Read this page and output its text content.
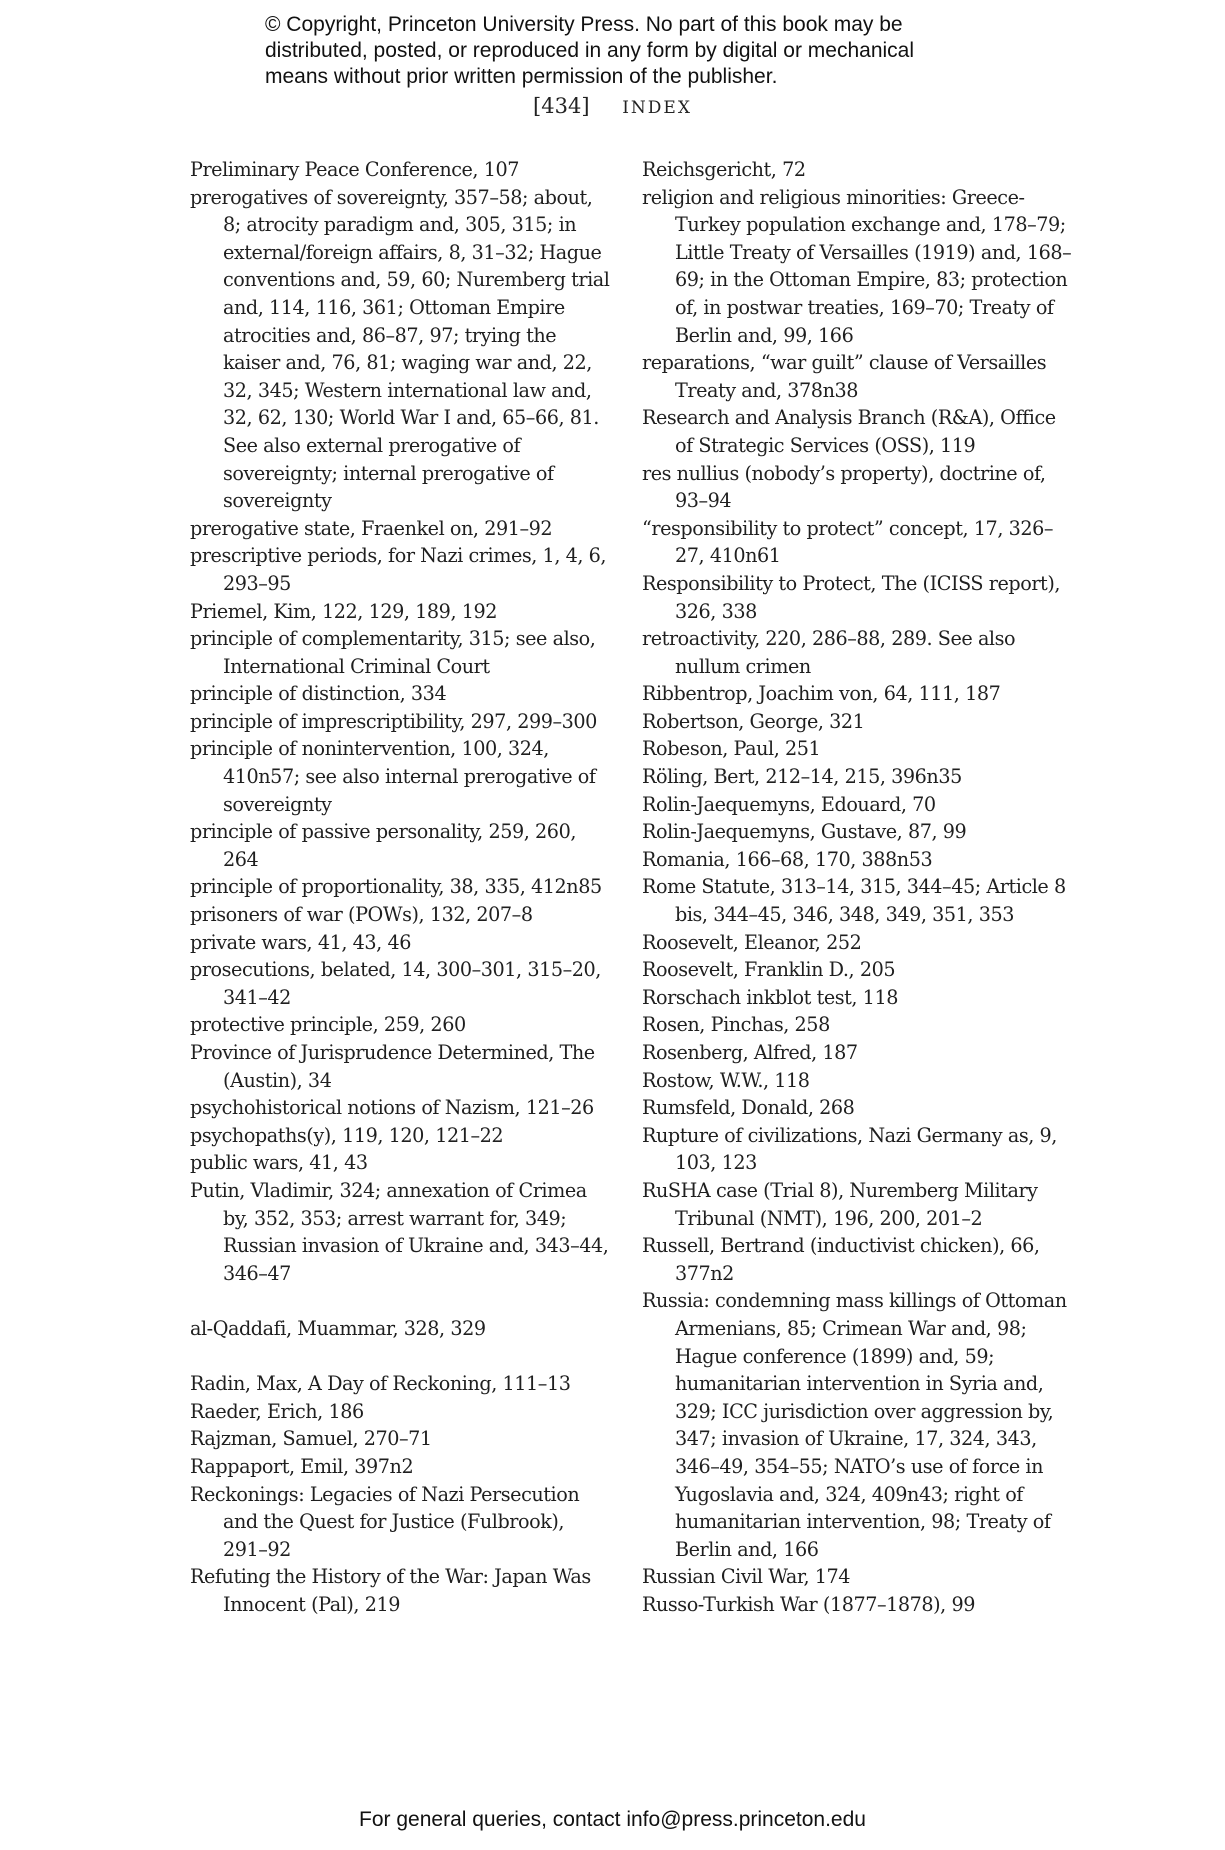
© Copyright, Princeton University Press. No part of this book may be
distributed, posted, or reproduced in any form by digital or mechanical
means without prior written permission of the publisher.
[434] INDEX
Preliminary Peace Conference, 107
prerogatives of sovereignty, 357–58; about, 8; atrocity paradigm and, 305, 315; in external/foreign affairs, 8, 31–32; Hague conventions and, 59, 60; Nuremberg trial and, 114, 116, 361; Ottoman Empire atrocities and, 86–87, 97; trying the kaiser and, 76, 81; waging war and, 22, 32, 345; Western international law and, 32, 62, 130; World War I and, 65–66, 81. See also external prerogative of sovereignty; internal prerogative of sovereignty
prerogative state, Fraenkel on, 291–92
prescriptive periods, for Nazi crimes, 1, 4, 6, 293–95
Priemel, Kim, 122, 129, 189, 192
principle of complementarity, 315; see also, International Criminal Court
principle of distinction, 334
principle of imprescriptibility, 297, 299–300
principle of nonintervention, 100, 324, 410n57; see also internal prerogative of sovereignty
principle of passive personality, 259, 260, 264
principle of proportionality, 38, 335, 412n85
prisoners of war (POWs), 132, 207–8
private wars, 41, 43, 46
prosecutions, belated, 14, 300–301, 315–20, 341–42
protective principle, 259, 260
Province of Jurisprudence Determined, The (Austin), 34
psychohistorical notions of Nazism, 121–26
psychopaths(y), 119, 120, 121–22
public wars, 41, 43
Putin, Vladimir, 324; annexation of Crimea by, 352, 353; arrest warrant for, 349; Russian invasion of Ukraine and, 343–44, 346–47
al-Qaddafi, Muammar, 328, 329
Radin, Max, A Day of Reckoning, 111–13
Raeder, Erich, 186
Rajzman, Samuel, 270–71
Rappaport, Emil, 397n2
Reckonings: Legacies of Nazi Persecution and the Quest for Justice (Fulbrook), 291–92
Refuting the History of the War: Japan Was Innocent (Pal), 219
Reichsgericht, 72
religion and religious minorities: Greece-Turkey population exchange and, 178–79; Little Treaty of Versailles (1919) and, 168–69; in the Ottoman Empire, 83; protection of, in postwar treaties, 169–70; Treaty of Berlin and, 99, 166
reparations, “war guilt” clause of Versailles Treaty and, 378n38
Research and Analysis Branch (R&A), Office of Strategic Services (OSS), 119
res nullius (nobody’s property), doctrine of, 93–94
“responsibility to protect” concept, 17, 326–27, 410n61
Responsibility to Protect, The (ICISS report), 326, 338
retroactivity, 220, 286–88, 289. See also nullum crimen
Ribbentrop, Joachim von, 64, 111, 187
Robertson, George, 321
Robeson, Paul, 251
Röling, Bert, 212–14, 215, 396n35
Rolin-Jaequemyns, Edouard, 70
Rolin-Jaequemyns, Gustave, 87, 99
Romania, 166–68, 170, 388n53
Rome Statute, 313–14, 315, 344–45; Article 8 bis, 344–45, 346, 348, 349, 351, 353
Roosevelt, Eleanor, 252
Roosevelt, Franklin D., 205
Rorschach inkblot test, 118
Rosen, Pinchas, 258
Rosenberg, Alfred, 187
Rostow, W.W., 118
Rumsfeld, Donald, 268
Rupture of civilizations, Nazi Germany as, 9, 103, 123
RuSHA case (Trial 8), Nuremberg Military Tribunal (NMT), 196, 200, 201–2
Russell, Bertrand (inductivist chicken), 66, 377n2
Russia: condemning mass killings of Ottoman Armenians, 85; Crimean War and, 98; Hague conference (1899) and, 59; humanitarian intervention in Syria and, 329; ICC jurisdiction over aggression by, 347; invasion of Ukraine, 17, 324, 343, 346–49, 354–55; NATO’s use of force in Yugoslavia and, 324, 409n43; right of humanitarian intervention, 98; Treaty of Berlin and, 166
Russian Civil War, 174
Russo-Turkish War (1877–1878), 99
For general queries, contact info@press.princeton.edu
